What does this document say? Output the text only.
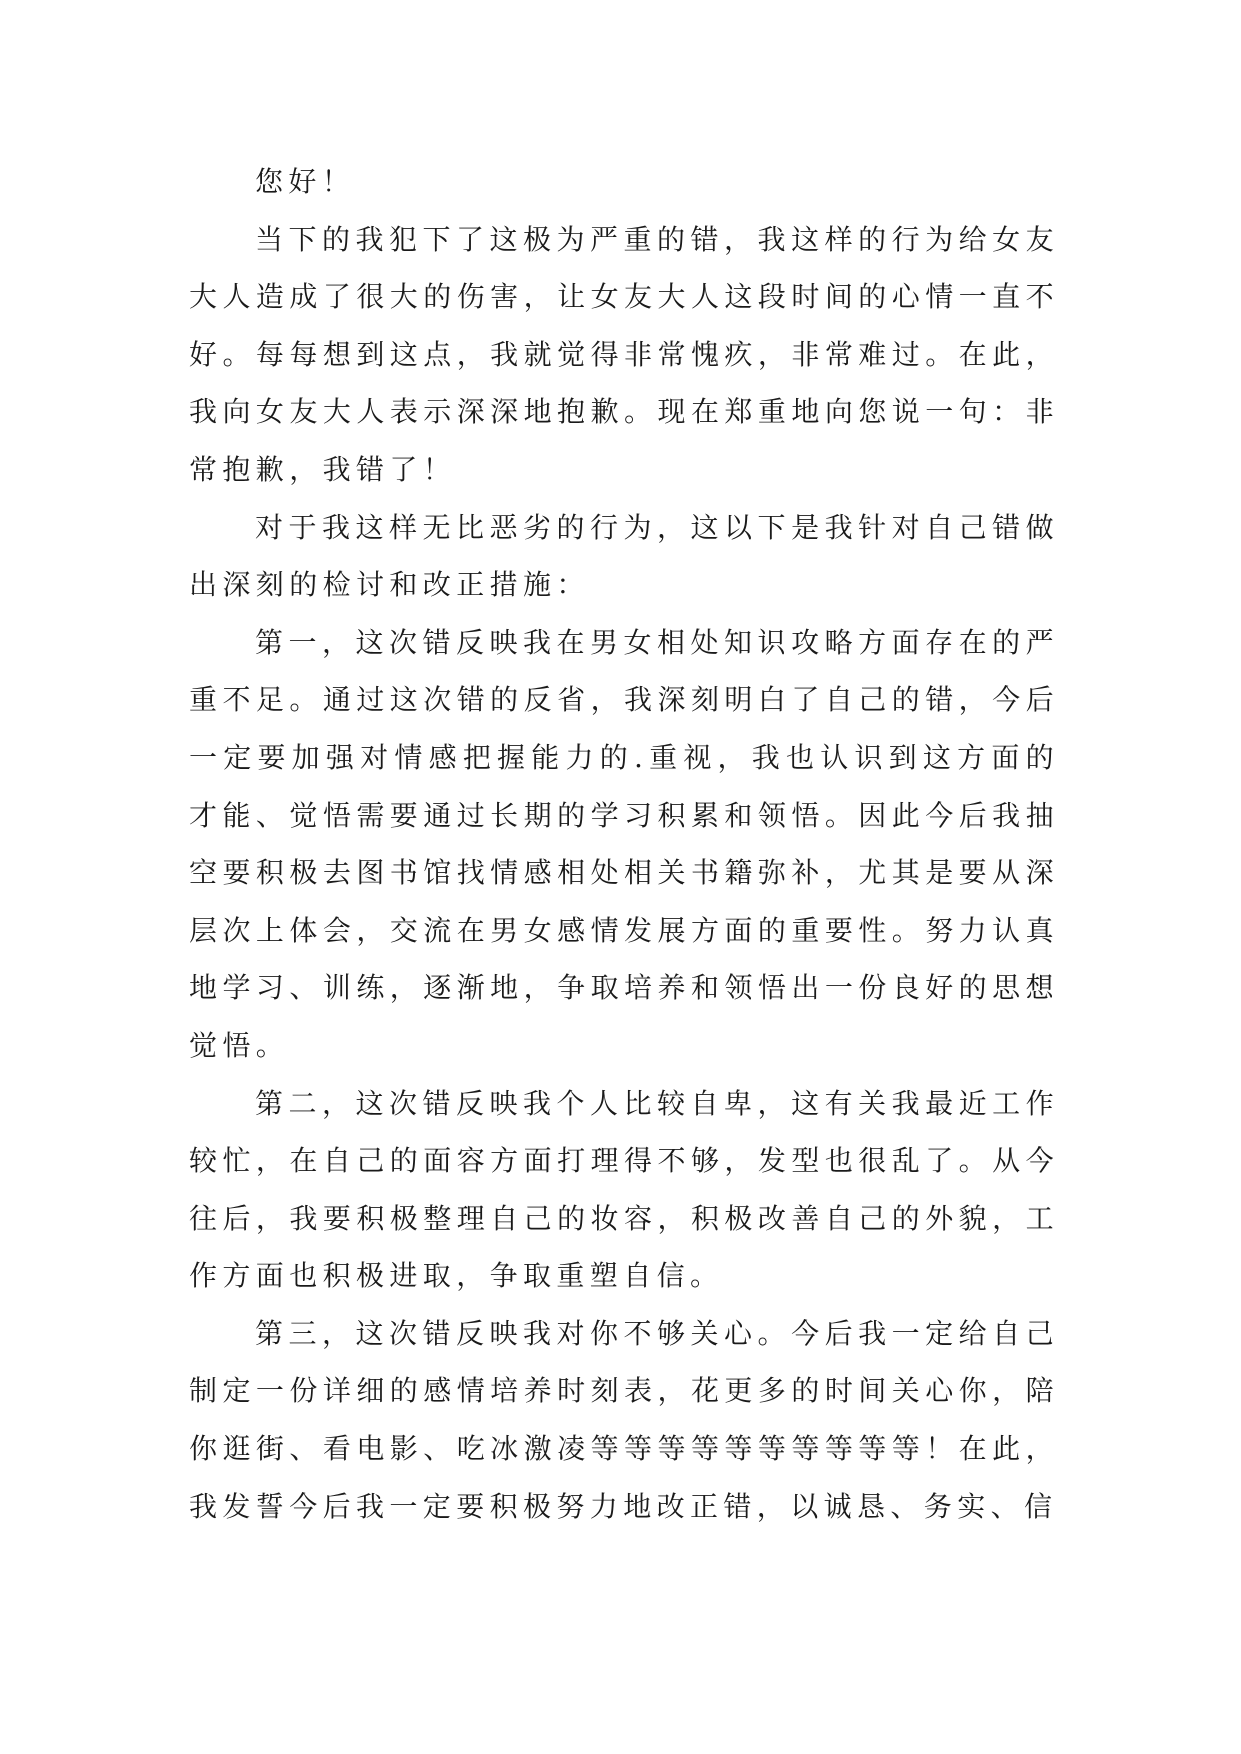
您好！

当下的我犯下了这极为严重的错，我这样的行为给女友大人造成了很大的伤害，让女友大人这段时间的心情一直不好。每每想到这点，我就觉得非常愧疚，非常难过。在此，我向女友大人表示深深地抱歉。现在郑重地向您说一句：非常抱歉，我错了！

对于我这样无比恶劣的行为，这以下是我针对自己错做出深刻的检讨和改正措施：

第一，这次错反映我在男女相处知识攻略方面存在的严重不足。通过这次错的反省，我深刻明白了自己的错，今后一定要加强对情感把握能力的.重视，我也认识到这方面的才能、觉悟需要通过长期的学习积累和领悟。因此今后我抽空要积极去图书馆找情感相处相关书籍弥补，尤其是要从深层次上体会，交流在男女感情发展方面的重要性。努力认真地学习、训练，逐渐地，争取培养和领悟出一份良好的思想觉悟。

第二，这次错反映我个人比较自卑，这有关我最近工作较忙，在自己的面容方面打理得不够，发型也很乱了。从今往后，我要积极整理自己的妆容，积极改善自己的外貌，工作方面也积极进取，争取重塑自信。

第三，这次错反映我对你不够关心。今后我一定给自己制定一份详细的感情培养时刻表，花更多的时间关心你，陪你逛街、看电影、吃冰激凌等等等等等等等等等等！在此，我发誓今后我一定要积极努力地改正错，以诚恳、务实、信
